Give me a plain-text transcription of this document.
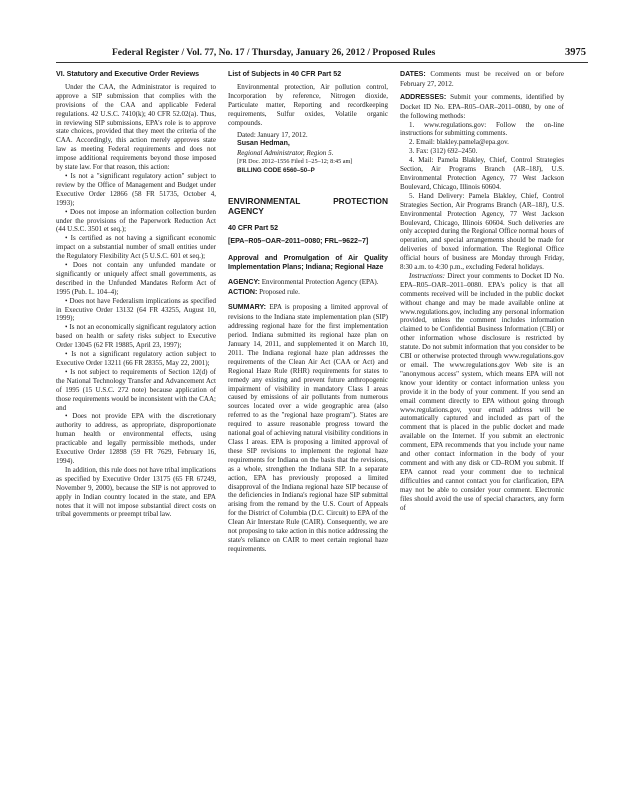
Federal Register / Vol. 77, No. 17 / Thursday, January 26, 2012 / Proposed Rules	3975
VI. Statutory and Executive Order Reviews

Under the CAA, the Administrator is required to approve a SIP submission that complies with the provisions of the CAA and applicable Federal regulations. 42 U.S.C. 7410(k); 40 CFR 52.02(a). Thus, in reviewing SIP submissions, EPA's role is to approve state choices, provided that they meet the criteria of the CAA. Accordingly, this action merely approves state law as meeting Federal requirements and does not impose additional requirements beyond those imposed by state law. For that reason, this action:

• Is not a "significant regulatory action" subject to review by the Office of Management and Budget under Executive Order 12866 (58 FR 51735, October 4, 1993);

• Does not impose an information collection burden under the provisions of the Paperwork Reduction Act (44 U.S.C. 3501 et seq.);

• Is certified as not having a significant economic impact on a substantial number of small entities under the Regulatory Flexibility Act (5 U.S.C. 601 et seq.);

• Does not contain any unfunded mandate or significantly or uniquely affect small governments, as described in the Unfunded Mandates Reform Act of 1995 (Pub. L. 104–4);

• Does not have Federalism implications as specified in Executive Order 13132 (64 FR 43255, August 10, 1999);

• Is not an economically significant regulatory action based on health or safety risks subject to Executive Order 13045 (62 FR 19885, April 23, 1997);

• Is not a significant regulatory action subject to Executive Order 13211 (66 FR 28355, May 22, 2001);

• Is not subject to requirements of Section 12(d) of the National Technology Transfer and Advancement Act of 1995 (15 U.S.C. 272 note) because application of those requirements would be inconsistent with the CAA; and

• Does not provide EPA with the discretionary authority to address, as appropriate, disproportionate human health or environmental effects, using practicable and legally permissible methods, under Executive Order 12898 (59 FR 7629, February 16, 1994).

In addition, this rule does not have tribal implications as specified by Executive Order 13175 (65 FR 67249, November 9, 2000), because the SIP is not approved to apply in Indian country located in the state, and EPA notes that it will not impose substantial direct costs on tribal governments or preempt tribal law.

List of Subjects in 40 CFR Part 52

Environmental protection, Air pollution control, Incorporation by reference, Nitrogen dioxide, Particulate matter, Reporting and recordkeeping requirements, Sulfur oxides, Volatile organic compounds.

Dated: January 17, 2012.

Susan Hedman,

Regional Administrator, Region 5.

[FR Doc. 2012–1556 Filed 1–25–12; 8:45 am]

BILLING CODE 6560–50–P

ENVIRONMENTAL PROTECTION AGENCY
40 CFR Part 52
[EPA–R05–OAR–2011–0080; FRL–9622–7]
Approval and Promulgation of Air Quality Implementation Plans; Indiana; Regional Haze

AGENCY: Environmental Protection Agency (EPA).

ACTION: Proposed rule.

SUMMARY: EPA is proposing a limited approval of revisions to the Indiana state implementation plan (SIP) addressing regional haze for the first implementation period. Indiana submitted its regional haze plan on January 14, 2011, and supplemented it on March 10, 2011. The Indiana regional haze plan addresses the requirements of the Clean Air Act (CAA or Act) and Regional Haze Rule (RHR) requirements for states to remedy any existing and prevent future anthropogenic impairment of visibility in mandatory Class I areas caused by emissions of air pollutants from numerous sources located over a wide geographic area (also referred to as the "regional haze program"). States are required to assure reasonable progress toward the national goal of achieving natural visibility conditions in Class I areas. EPA is proposing a limited approval of these SIP revisions to implement the regional haze requirements for Indiana on the basis that the revisions, as a whole, strengthen the Indiana SIP. In a separate action, EPA has previously proposed a limited disapproval of the Indiana regional haze SIP because of the deficiencies in Indiana's regional haze SIP submittal arising from the remand by the U.S. Court of Appeals for the District of Columbia (D.C. Circuit) to EPA of the Clean Air Interstate Rule (CAIR). Consequently, we are not proposing to take action in this notice addressing the state's reliance on CAIR to meet certain regional haze requirements.

DATES: Comments must be received on or before February 27, 2012.

ADDRESSES: Submit your comments, identified by Docket ID No. EPA–R05–OAR–2011–0080, by one of the following methods:

1. www.regulations.gov: Follow the on-line instructions for submitting comments.

2. Email: blakley.pamela@epa.gov.

3. Fax: (312) 692–2450.

4. Mail: Pamela Blakley, Chief, Control Strategies Section, Air Programs Branch (AR–18J), U.S. Environmental Protection Agency, 77 West Jackson Boulevard, Chicago, Illinois 60604.

5. Hand Delivery: Pamela Blakley, Chief, Control Strategies Section, Air Programs Branch (AR–18J), U.S. Environmental Protection Agency, 77 West Jackson Boulevard, Chicago, Illinois 60604. Such deliveries are only accepted during the Regional Office normal hours of operation, and special arrangements should be made for deliveries of boxed information. The Regional Office official hours of business are Monday through Friday, 8:30 a.m. to 4:30 p.m., excluding Federal holidays.

Instructions: Direct your comments to Docket ID No. EPA–R05–OAR–2011–0080. EPA's policy is that all comments received will be included in the public docket without change and may be made available online at www.regulations.gov, including any personal information provided, unless the comment includes information claimed to be Confidential Business Information (CBI) or other information whose disclosure is restricted by statute. Do not submit information that you consider to be CBI or otherwise protected through www.regulations.gov or email. The www.regulations.gov Web site is an "anonymous access" system, which means EPA will not know your identity or contact information unless you provide it in the body of your comment. If you send an email comment directly to EPA without going through www.regulations.gov, your email address will be automatically captured and included as part of the comment that is placed in the public docket and made available on the Internet. If you submit an electronic comment, EPA recommends that you include your name and other contact information in the body of your comment and with any disk or CD–ROM you submit. If EPA cannot read your comment due to technical difficulties and cannot contact you for clarification, EPA may not be able to consider your comment. Electronic files should avoid the use of special characters, any form of
